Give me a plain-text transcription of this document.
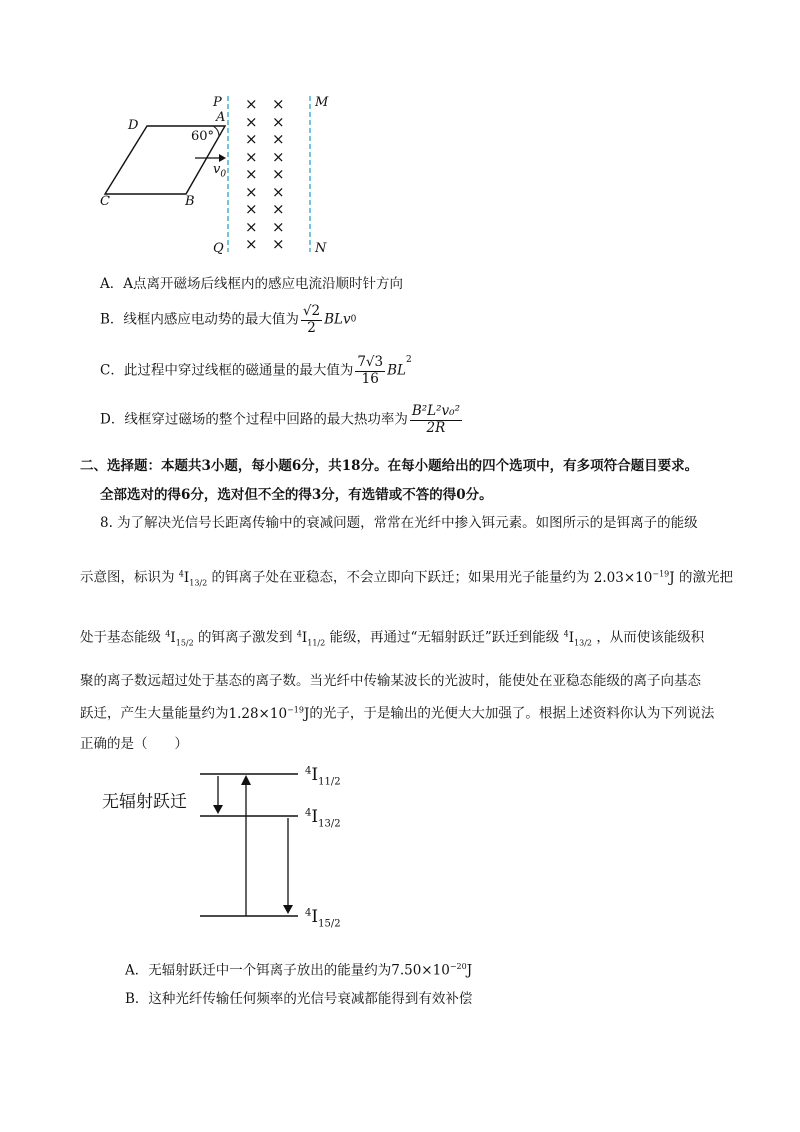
P
A
M
D
C	B
Q	N
60°
$v_0$
× ×
× ×
× ×
× ×
× ×
× ×
× ×
× ×
× ×
A．A点离开磁场后线框内的感应电流沿顺时针方向
B．线框内感应电动势的最大值为 $\frac{√2}{2} BLv0$
C．此过程中穿过线框的磁通量的最大值为 $\frac{7√3}{16} BL^2$
D．线框穿过磁场的整个过程中回路的最大热功率为 $\frac{\text{B²L²v₀²}}{2R}$
二、选择题：本题共3小题，每小题6分，共18分。在每小题给出的四个选项中，有多项符合题目要求。
全部选对的得6分，选对但不全的得3分，有选错或不答的得0分。
8. 为了解决光信号长距离传输中的衰减问题，常常在光纤中掺入铒元素。如图所示的是铒离子的能级
示意图，标识为 $^4I_{13/2}$ 的铒离子处在亚稳态，不会立即向下跃迁；如果用光子能量约为 $2.03\times 10^{-19}J$ 的激光把
处于基态能级 $^4I_{15/2}$ 的铒离子激发到 $^4I_{11/2}$ 能级，再通过“无辐射跃迁”跃迁到能级 $^4I_{13/2}$ ，从而使该能级积
聚的离子数远超过处于基态的离子数。当光纤中传输某波长的光波时，能使处在亚稳态能级的离子向基态
跃迁，产生大量能量约为$1.28\times 10^{-19}J$的光子，于是输出的光便大大加强了。根据上述资料你认为下列说法
正确的是（　　）
无辐射跃迁
$^4I_{11/2}$
$^4I_{13/2}$
$^4I_{15/2}$
A．无辐射跃迁中一个铒离子放出的能量约为$7.50\times 10^{-20}J$
B．这种光纤传输任何频率的光信号衰减都能得到有效补偿
